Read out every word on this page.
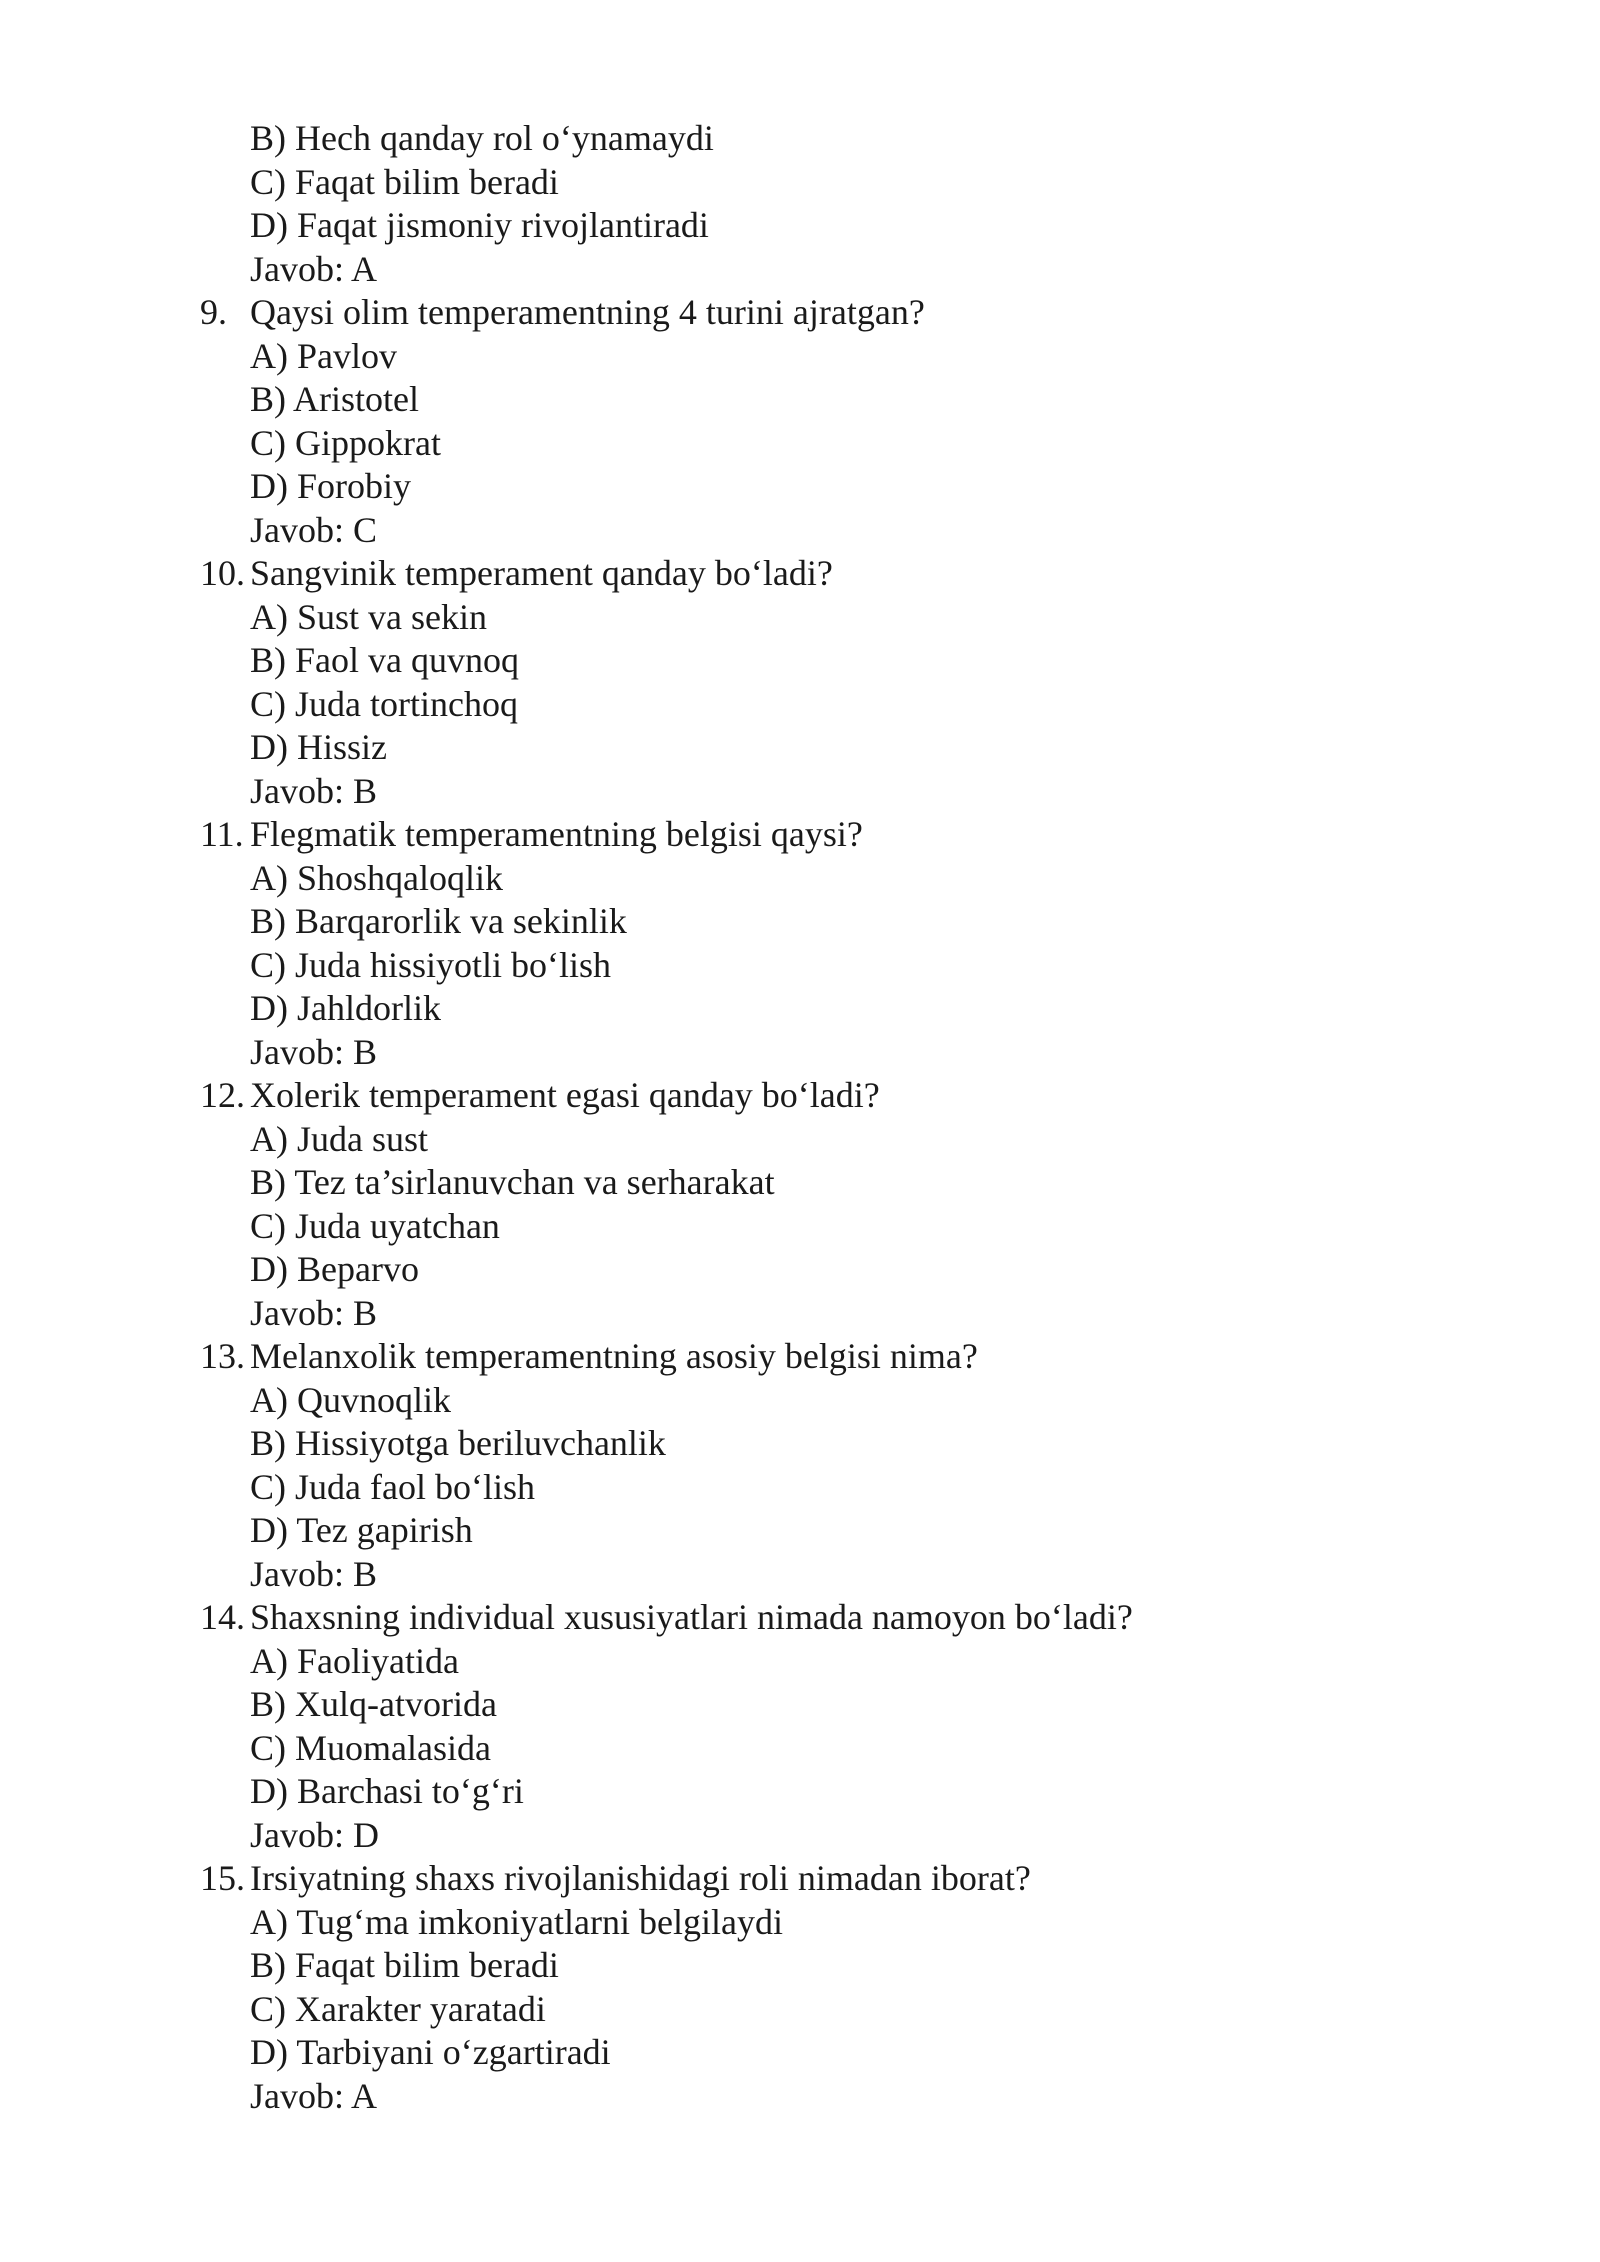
B) Hech qanday rol o‘ynamaydi
C) Faqat bilim beradi
D) Faqat jismoniy rivojlantiradi
Javob: A
9. Qaysi olim temperamentning 4 turini ajratgan?
A) Pavlov
B) Aristotel
C) Gippokrat
D) Forobiy
Javob: C
10. Sangvinik temperament qanday bo‘ladi?
A) Sust va sekin
B) Faol va quvnoq
C) Juda tortinchoq
D) Hissiz
Javob: B
11. Flegmatik temperamentning belgisi qaysi?
A) Shoshqaloqlik
B) Barqarorlik va sekinlik
C) Juda hissiyotli bo‘lish
D) Jahldorlik
Javob: B
12. Xolerik temperament egasi qanday bo‘ladi?
A) Juda sust
B) Tez ta’sirlanuvchan va serharakat
C) Juda uyatchan
D) Beparvo
Javob: B
13. Melanxolik temperamentning asosiy belgisi nima?
A) Quvnoqlik
B) Hissiyotga beriluvchanlik
C) Juda faol bo‘lish
D) Tez gapirish
Javob: B
14. Shaxsning individual xususiyatlari nimada namoyon bo‘ladi?
A) Faoliyatida
B) Xulq-atvorida
C) Muomalasida
D) Barchasi to‘g‘ri
Javob: D
15. Irsiyatning shaxs rivojlanishidagi roli nimadan iborat?
A) Tug‘ma imkoniyatlarni belgilaydi
B) Faqat bilim beradi
C) Xarakter yaratadi
D) Tarbiyani o‘zgartiradi
Javob: A
